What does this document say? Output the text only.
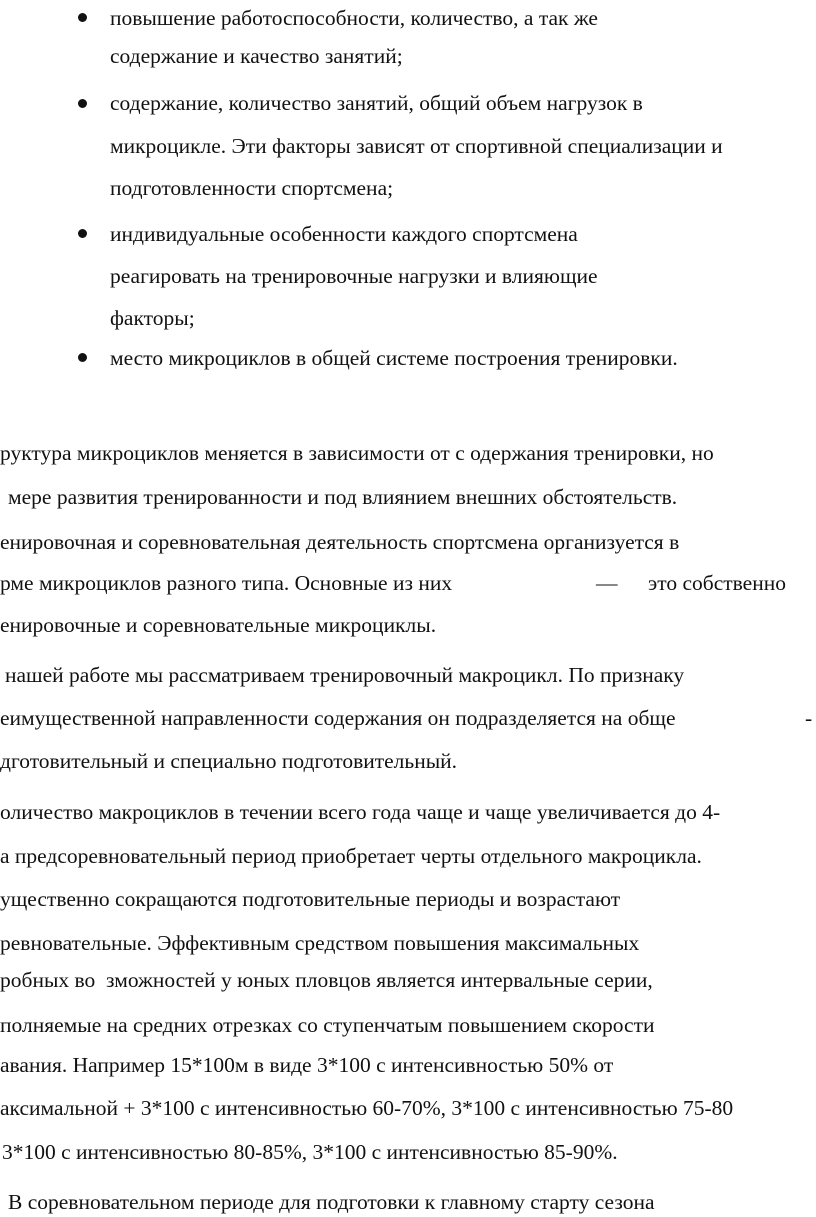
повышение работоспособности, количество, а так же
содержание и качество занятий;
содержание, количество занятий, общий объем нагрузок в
микроцикле. Эти факторы зависят от спортивной специализации и
подготовленности спортсмена;
индивидуальные особенности каждого спортсмена
реагировать на тренировочные нагрузки и влияющие
факторы;
место микроциклов в общей системе построения тренировки.
руктура микроциклов меняется в зависимости от с одержания тренировки, но
мере развития тренированности и под влиянием внешних обстоятельств.
енировочная и соревновательная деятельность спортсмена организуется в
рме микроциклов разного типа. Основные из них	— это собственно
енировочные и соревновательные микроциклы.
нашей работе мы рассматриваем тренировочный макроцикл. По признаку
еимущественной направленности содержания он подразделяется на обще	-
дготовительный и специально подготовительный.
оличество макроциклов в течении всего года чаще и чаще увеличивается до 4-
а предсоревновательный период приобретает черты отдельного макроцикла.
ущественно сокращаются подготовительные периоды и возрастают
ревновательные. Эффективным средством повышения максимальных
робных во  зможностей у юных пловцов является интервальные серии,
полняемые на средних отрезках со ступенчатым повышением скорости
авания. Например 15*100м в виде 3*100 с интенсивностью 50% от
аксимальной + 3*100 с интенсивностью 60-70%, 3*100 с интенсивностью 75-80
3*100 с интенсивностью 80-85%, 3*100 с интенсивностью 85-90%.
В соревновательном периоде для подготовки к главному старту сезона
